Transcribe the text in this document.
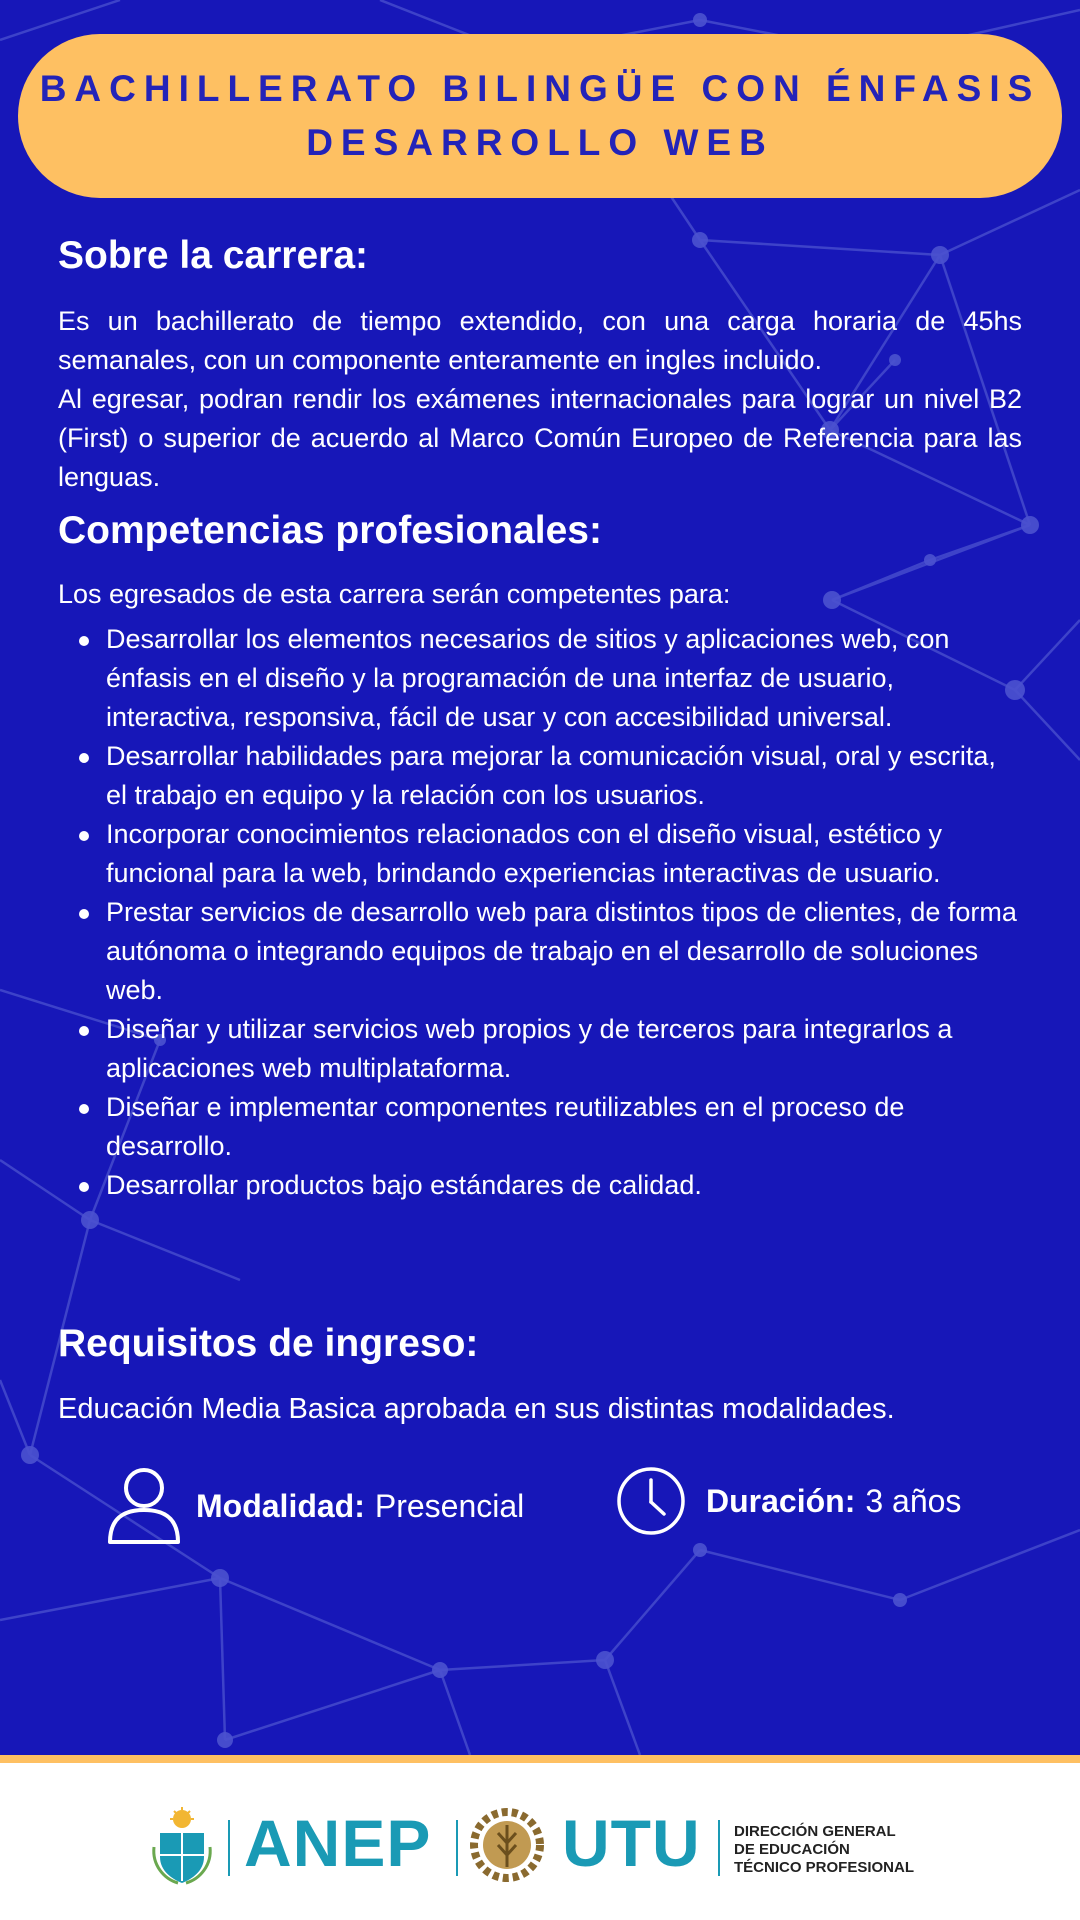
BACHILLERATO BILINGÜE CON ÉNFASIS
DESARROLLO WEB
Sobre la carrera:

Es un bachillerato de tiempo extendido, con una carga horaria de 45hs semanales, con un componente enteramente en ingles incluido.

Al egresar, podran rendir los exámenes internacionales para lograr un nivel B2 (First) o superior de acuerdo al Marco Común Europeo de Referencia para las lenguas.

Competencias profesionales:

Los egresados de esta carrera serán competentes para:

Desarrollar los elementos necesarios de sitios y aplicaciones web, con énfasis en el diseño y la programación de una interfaz de usuario, interactiva, responsiva, fácil de usar y con accesibilidad universal.
Desarrollar habilidades para mejorar la comunicación visual, oral y escrita, el trabajo en equipo y la relación con los usuarios.
Incorporar conocimientos relacionados con el diseño visual, estético y funcional para la web, brindando experiencias interactivas de usuario.
Prestar servicios de desarrollo web para distintos tipos de clientes, de forma autónoma o integrando equipos de trabajo en el desarrollo de soluciones web.
Diseñar y utilizar servicios web propios y de terceros para integrarlos a aplicaciones web multiplataforma.
Diseñar e implementar componentes reutilizables en el proceso de desarrollo.
Desarrollar productos bajo estándares de calidad.
Requisitos de ingreso:

Educación Media Basica aprobada en sus distintas modalidades.

Modalidad: Presencial	Duración: 3 años
ANEP UTU DIRECCIÓN GENERAL
DE EDUCACIÓN
TÉCNICO PROFESIONAL
